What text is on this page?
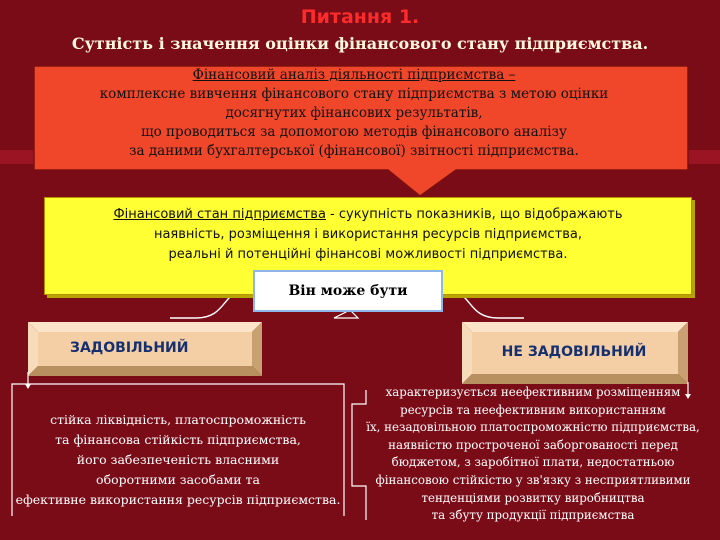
Питання 1.
Сутність і значення оцінки фінансового стану підприємства.
Фінансовий аналіз діяльності підприємства –
комплексне вивчення фінансового стану підприємства з метою оцінки
досягнутих фінансових результатів,
що проводиться за допомогою методів фінансового аналізу
за даними бухгалтерської (фінансової) звітності підприємства.
Фінансовий стан підприємства - сукупність показників, що відображають
наявність, розміщення і використання ресурсів підприємства,
реальні й потенційні фінансові можливості підприємства.
Він може бути
ЗАДОВІЛЬНИЙ	НЕ ЗАДОВІЛЬНИЙ
стійка ліквідність, платоспроможність
та фінансова стійкість підприємства,
його забезпеченість власними
оборотними засобами та
ефективне використання ресурсів підприємства.
характеризується неефективним розміщенням
ресурсів та неефективним використанням
їх, незадовільною платоспроможністю підприємства,
наявністю простроченої заборгованості перед
бюджетом, з заробітної плати, недостатньою
фінансовою стійкістю у зв'язку з несприятливими
тенденціями розвитку виробництва
та збуту продукції підприємства
